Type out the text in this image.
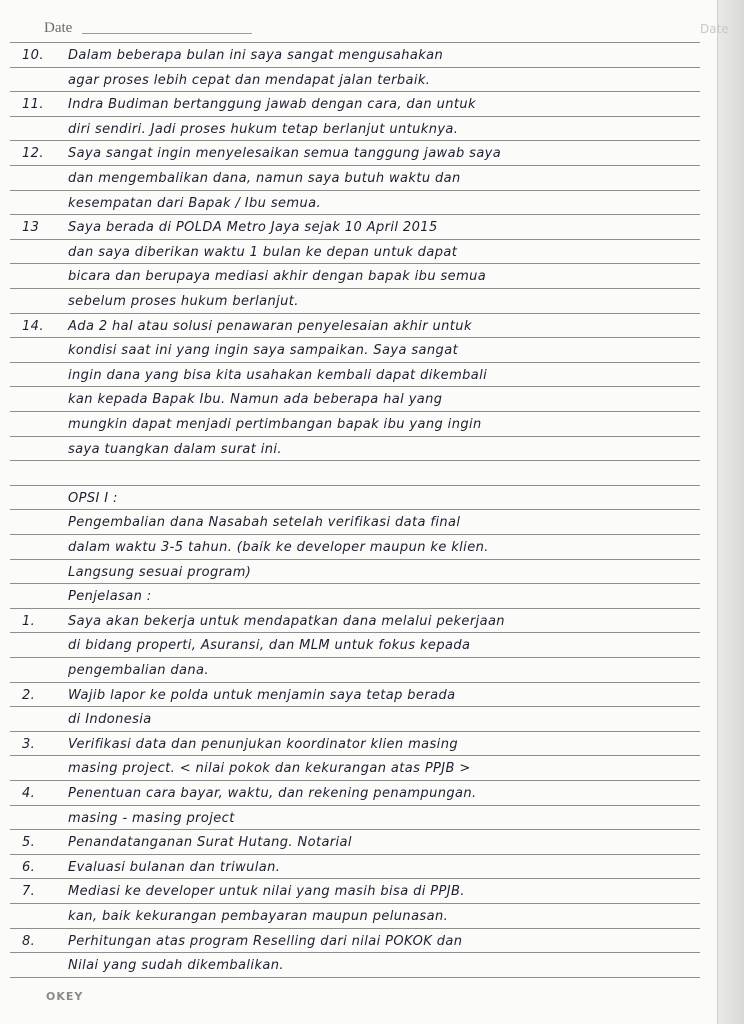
Date	Date
10. Dalam beberapa bulan ini saya sangat mengusahakan
agar proses lebih cepat dan mendapat jalan terbaik.
11. Indra Budiman bertanggung jawab dengan cara, dan untuk
diri sendiri. Jadi proses hukum tetap berlanjut untuknya.
12. Saya sangat ingin menyelesaikan semua tanggung jawab saya
dan mengembalikan dana, namun saya butuh waktu dan
kesempatan dari Bapak / Ibu semua.
13 Saya berada di POLDA Metro Jaya sejak 10 April 2015
dan saya diberikan waktu 1 bulan ke depan untuk dapat
bicara dan berupaya mediasi akhir dengan bapak ibu semua
sebelum proses hukum berlanjut.
14. Ada 2 hal atau solusi penawaran penyelesaian akhir untuk
kondisi saat ini yang ingin saya sampaikan. Saya sangat
ingin dana yang bisa kita usahakan kembali dapat dikembali
kan kepada Bapak Ibu. Namun ada beberapa hal yang
mungkin dapat menjadi pertimbangan bapak ibu yang ingin
saya tuangkan dalam surat ini.
OPSI I :
Pengembalian dana Nasabah setelah verifikasi data final
dalam waktu 3-5 tahun. (baik ke developer maupun ke klien.
Langsung sesuai program)
Penjelasan :
1.	Saya akan bekerja untuk mendapatkan dana melalui pekerjaan
di bidang properti, Asuransi, dan MLM untuk fokus kepada
pengembalian dana.
2.	Wajib lapor ke polda untuk menjamin saya tetap berada
di Indonesia
3.	Verifikasi data dan penunjukan koordinator klien masing
masing project. < nilai pokok dan kekurangan atas PPJB >
4.	Penentuan cara bayar, waktu, dan rekening penampungan.
masing - masing project
5.	Penandatanganan Surat Hutang. Notarial
6.	Evaluasi bulanan dan triwulan.
7.	Mediasi ke developer untuk nilai yang masih bisa di PPJB.
kan, baik kekurangan pembayaran maupun pelunasan.
8.	Perhitungan atas program Reselling dari nilai POKOK dan
Nilai yang sudah dikembalikan.
OKEY
